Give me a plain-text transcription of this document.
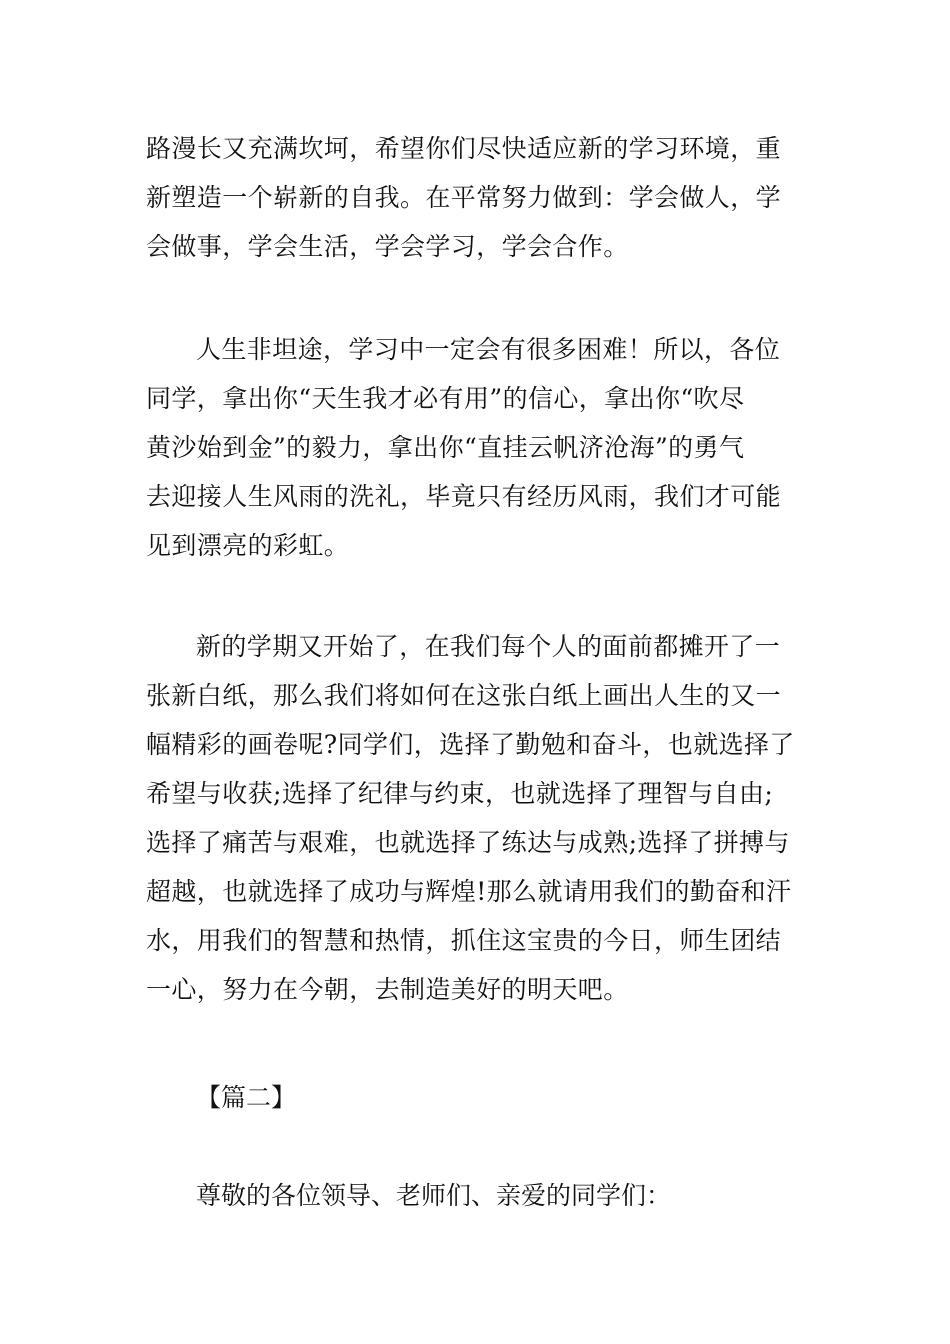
路漫长又充满坎坷，希望你们尽快适应新的学习环境，重
新塑造一个崭新的自我。在平常努力做到：学会做人，学
会做事，学会生活，学会学习，学会合作。
人生非坦途，学习中一定会有很多困难！所以，各位
同学，拿出你“天生我才必有用”的信心，拿出你“吹尽
黄沙始到金”的毅力，拿出你“直挂云帆济沧海”的勇气
去迎接人生风雨的洗礼，毕竟只有经历风雨，我们才可能
见到漂亮的彩虹。
新的学期又开始了，在我们每个人的面前都摊开了一
张新白纸，那么我们将如何在这张白纸上画出人生的又一
幅精彩的画卷呢?同学们，选择了勤勉和奋斗，也就选择了
希望与收获;选择了纪律与约束，也就选择了理智与自由;
选择了痛苦与艰难，也就选择了练达与成熟;选择了拼搏与
超越，也就选择了成功与辉煌!那么就请用我们的勤奋和汗
水，用我们的智慧和热情，抓住这宝贵的今日，师生团结
一心，努力在今朝，去制造美好的明天吧。
【篇二】
尊敬的各位领导、老师们、亲爱的同学们：
